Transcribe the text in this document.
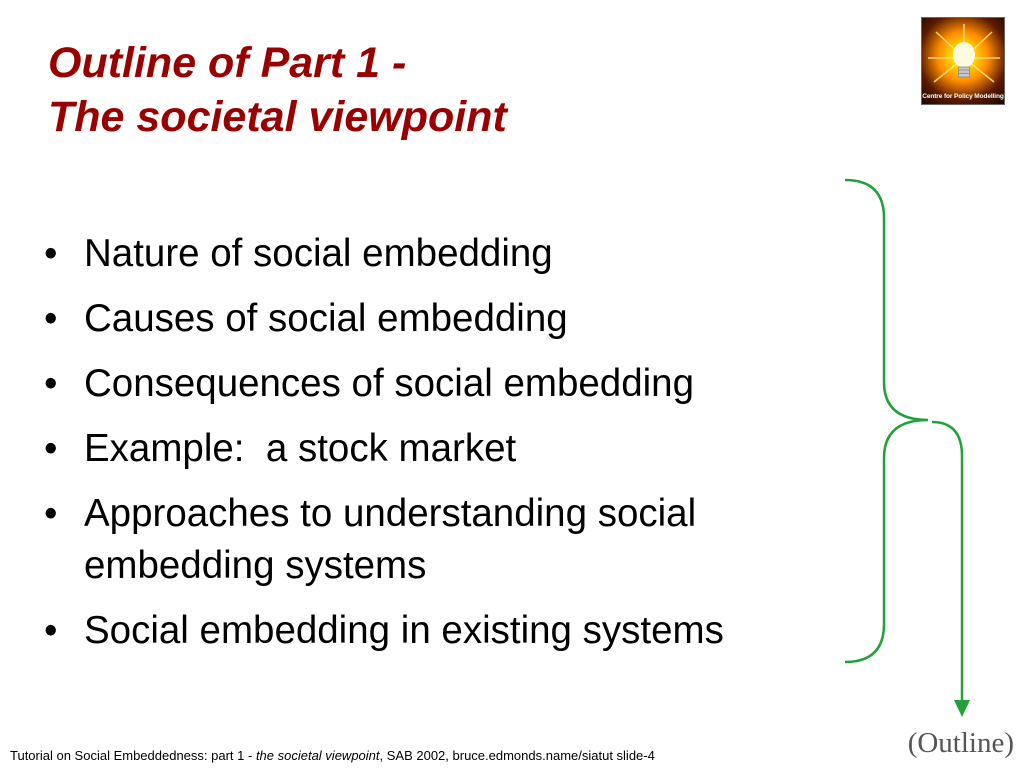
Outline of Part 1 -
The societal viewpoint	Centre for Policy Modelling
• Nature of social embedding
• Causes of social embedding
• Consequences of social embedding
• Example:  a stock market
• Approaches to understanding social embedding systems
• Social embedding in existing systems
(Outline)
Tutorial on Social Embeddedness: part 1 - the societal viewpoint, SAB 2002, bruce.edmonds.name/siatut slide-4
